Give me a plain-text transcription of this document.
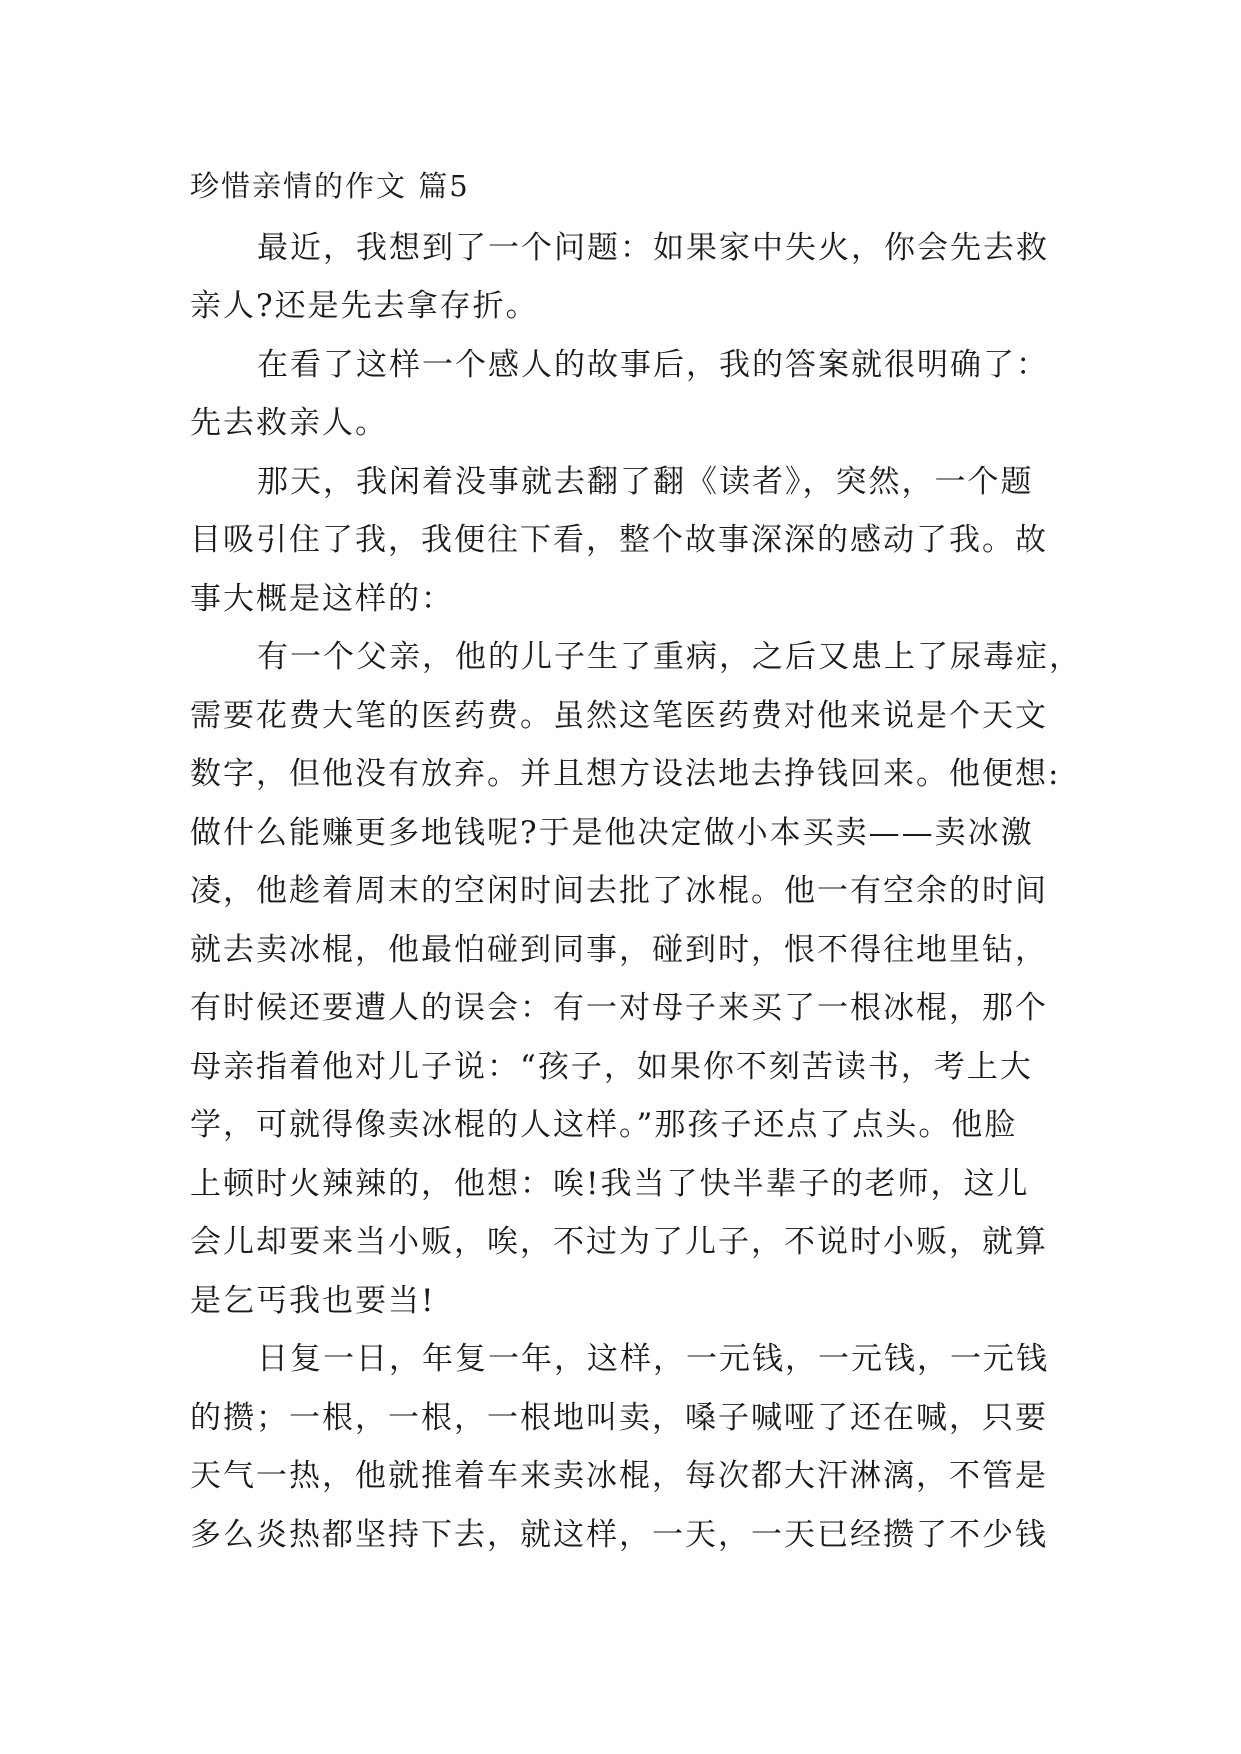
珍惜亲情的作文 篇5
最近，我想到了一个问题：如果家中失火，你会先去救
亲人?还是先去拿存折。
在看了这样一个感人的故事后，我的答案就很明确了：
先去救亲人。
那天，我闲着没事就去翻了翻《读者》，突然，一个题
目吸引住了我，我便往下看，整个故事深深的感动了我。故
事大概是这样的：
有一个父亲，他的儿子生了重病，之后又患上了尿毒症，
需要花费大笔的医药费。虽然这笔医药费对他来说是个天文
数字，但他没有放弃。并且想方设法地去挣钱回来。他便想:
做什么能赚更多地钱呢?于是他决定做小本买卖——卖冰激
凌，他趁着周末的空闲时间去批了冰棍。他一有空余的时间
就去卖冰棍，他最怕碰到同事，碰到时，恨不得往地里钻，
有时候还要遭人的误会：有一对母子来买了一根冰棍，那个
母亲指着他对儿子说：“孩子，如果你不刻苦读书，考上大
学，可就得像卖冰棍的人这样。”那孩子还点了点头。他脸
上顿时火辣辣的，他想：唉!我当了快半辈子的老师，这儿
会儿却要来当小贩，唉，不过为了儿子，不说时小贩，就算
是乞丐我也要当!
日复一日，年复一年，这样，一元钱，一元钱，一元钱
的攒；一根，一根，一根地叫卖，嗓子喊哑了还在喊，只要
天气一热，他就推着车来卖冰棍，每次都大汗淋漓，不管是
多么炎热都坚持下去，就这样，一天，一天已经攒了不少钱
